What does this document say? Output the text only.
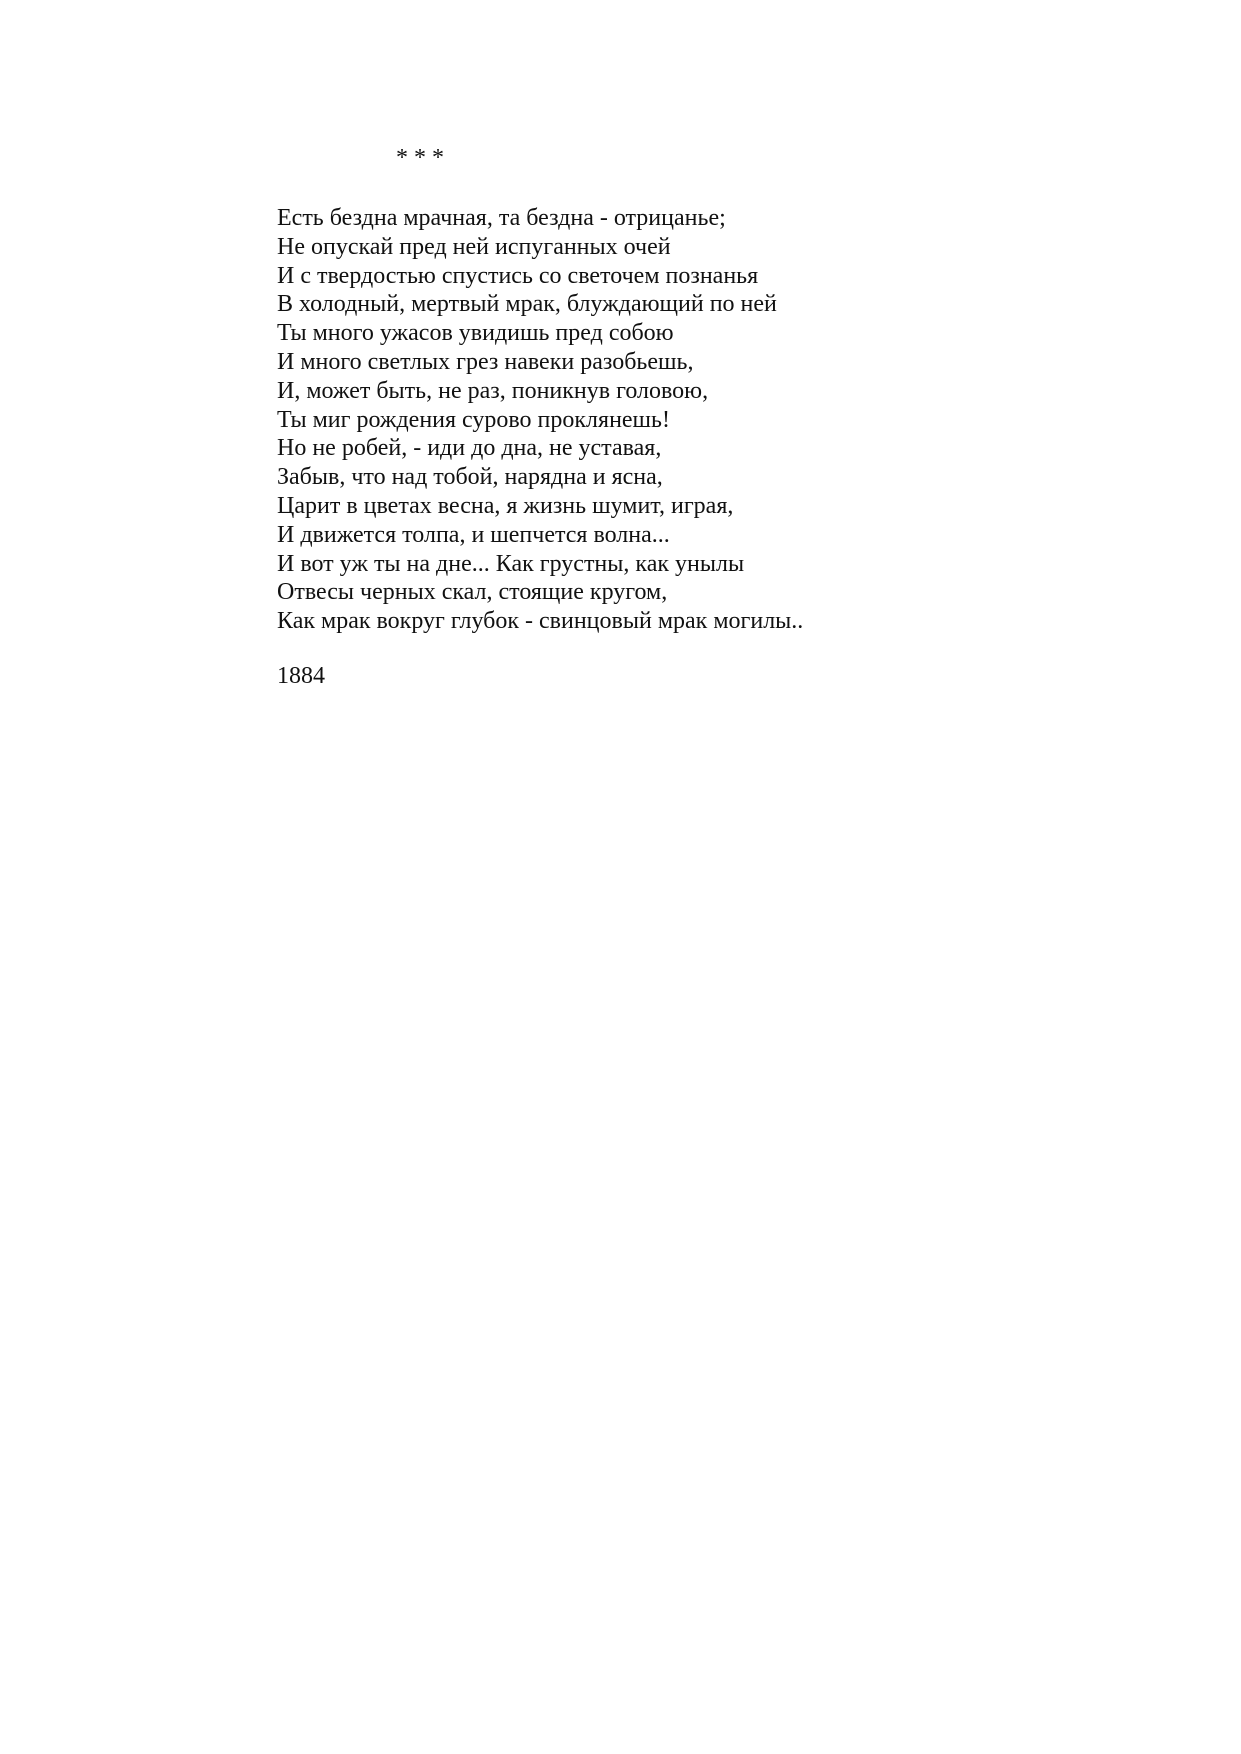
* * *
Есть бездна мрачная, та бездна - отрицанье;
Не опускай пред ней испуганных очей
И с твердостью спустись со светочем познанья
В холодный, мертвый мрак, блуждающий по ней
Ты много ужасов увидишь пред собою
И много светлых грез навеки разобьешь,
И, может быть, не раз, поникнув головою,
Ты миг рождения сурово проклянешь!
Но не робей, - иди до дна, не уставая,
Забыв, что над тобой, нарядна и ясна,
Царит в цветах весна, я жизнь шумит, играя,
И движется толпа, и шепчется волна...
И вот уж ты на дне... Как грустны, как унылы
Отвесы черных скал, стоящие кругом,
Как мрак вокруг глубок - свинцовый мрак могилы..
1884
